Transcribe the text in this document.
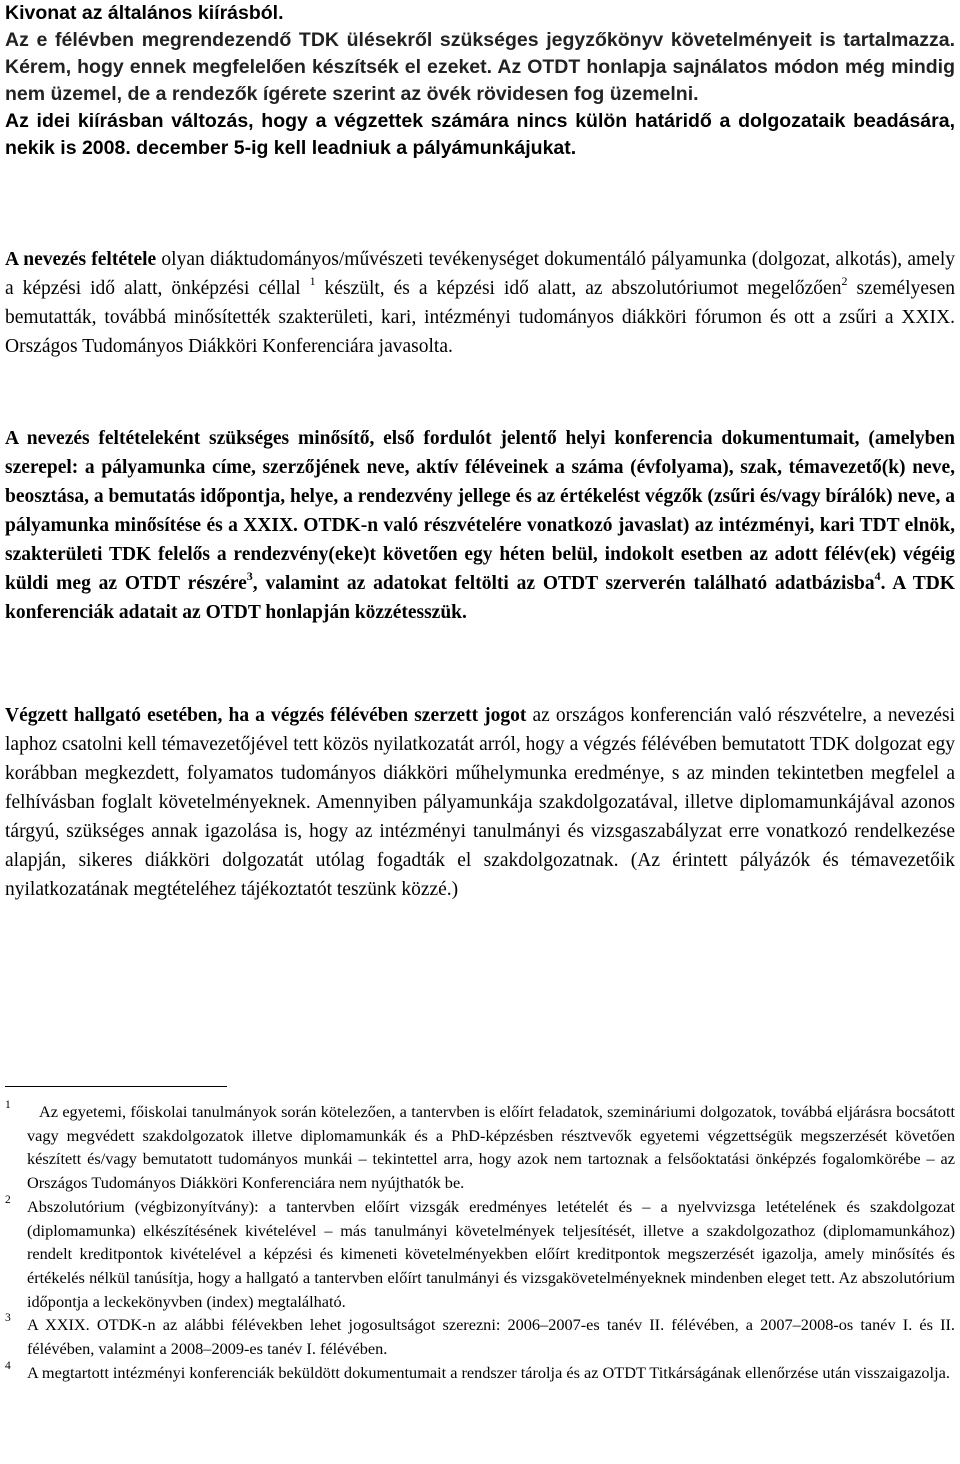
Kivonat az általános kiírásból.

Az e félévben megrendezendő TDK ülésekről szükséges jegyzőkönyv követelményeit is tartalmazza. Kérem, hogy ennek megfelelően készítsék el ezeket. Az OTDT honlapja sajnálatos módon még mindig nem üzemel, de a rendezők ígérete szerint az övék rövidesen fog üzemelni.

Az idei kiírásban változás, hogy a végzettek számára nincs külön határidő a dolgozataik beadására, nekik is 2008. december 5-ig kell leadniuk a pályámunkájukat.

A nevezés feltétele olyan diáktudományos/művészeti tevékenységet dokumentáló pályamunka (dolgozat, alkotás), amely a képzési idő alatt, önképzési céllal $^1$ készült, és a képzési idő alatt, az abszolutóriumot megelőzően$^2$ személyesen bemutatták, továbbá minősítették szakterületi, kari, intézményi tudományos diákköri fórumon és ott a zsűri a XXIX. Országos Tudományos Diákköri Konferenciára javasolta.

A nevezés feltételeként szükséges minősítő, első fordulót jelentő helyi konferencia dokumentumait, (amelyben szerepel: a pályamunka címe, szerzőjének neve, aktív féléveinek a száma (évfolyama), szak, témavezető(k) neve, beosztása, a bemutatás időpontja, helye, a rendezvény jellege és az értékelést végzők (zsűri és/vagy bírálók) neve, a pályamunka minősítése és a XXIX. OTDK-n való részvételére vonatkozó javaslat) az intézményi, kari TDT elnök, szakterületi TDK felelős a rendezvény(eke)t követően egy héten belül, indokolt esetben az adott félév(ek) végéig küldi meg az OTDT részére$^3$, valamint az adatokat feltölti az OTDT szerverén található adatbázisba$^4$. A TDK konferenciák adatait az OTDT honlapján közzétesszük.

Végzett hallgató esetében, ha a végzés félévében szerzett jogot az országos konferencián való részvételre, a nevezési laphoz csatolni kell témavezetőjével tett közös nyilatkozatát arról, hogy a végzés félévében bemutatott TDK dolgozat egy korábban megkezdett, folyamatos tudományos diákköri műhelymunka eredménye, s az minden tekintetben megfelel a felhívásban foglalt követelményeknek. Amennyiben pályamunkája szakdolgozatával, illetve diplomamunkájával azonos tárgyú, szükséges annak igazolása is, hogy az intézményi tanulmányi és vizsgaszabályzat erre vonatkozó rendelkezése alapján, sikeres diákköri dolgozatát utólag fogadták el szakdolgozatnak. (Az érintett pályázók és témavezetőik nyilatkozatának megtételéhez tájékoztatót teszünk közzé.)

1	Az egyetemi, főiskolai tanulmányok során kötelezően, a tantervben is előírt feladatok, szemináriumi dolgozatok, továbbá eljárásra bocsátott vagy megvédett szakdolgozatok illetve diplomamunkák és a PhD-képzésben résztvevők egyetemi végzettségük megszerzését követően készített és/vagy bemutatott tudományos munkái – tekintettel arra, hogy azok nem tartoznak a felsőoktatási önképzés fogalomkörébe – az Országos Tudományos Diákköri Konferenciára nem nyújthatók be.
2 Abszolutórium (végbizonyítvány): a tantervben előírt vizsgák eredményes letételét és – a nyelvvizsga letételének és szakdolgozat (diplomamunka) elkészítésének kivételével – más tanulmányi követelmények teljesítését, illetve a szakdolgozathoz (diplomamunkához) rendelt kreditpontok kivételével a képzési és kimeneti követelményekben előírt kreditpontok megszerzését igazolja, amely minősítés és értékelés nélkül tanúsítja, hogy a hallgató a tantervben előírt tanulmányi és vizsgakövetelményeknek mindenben eleget tett. Az abszolutórium időpontja a leckekönyvben (index) megtalálható.
3 A XXIX. OTDK-n az alábbi félévekben lehet jogosultságot szerezni: 2006–2007-es tanév II. félévében, a 2007–2008-os tanév I. és II. félévében, valamint a 2008–2009-es tanév I. félévében.
4 A megtartott intézményi konferenciák beküldött dokumentumait a rendszer tárolja és az OTDT Titkárságának ellenőrzése után visszaigazolja.
